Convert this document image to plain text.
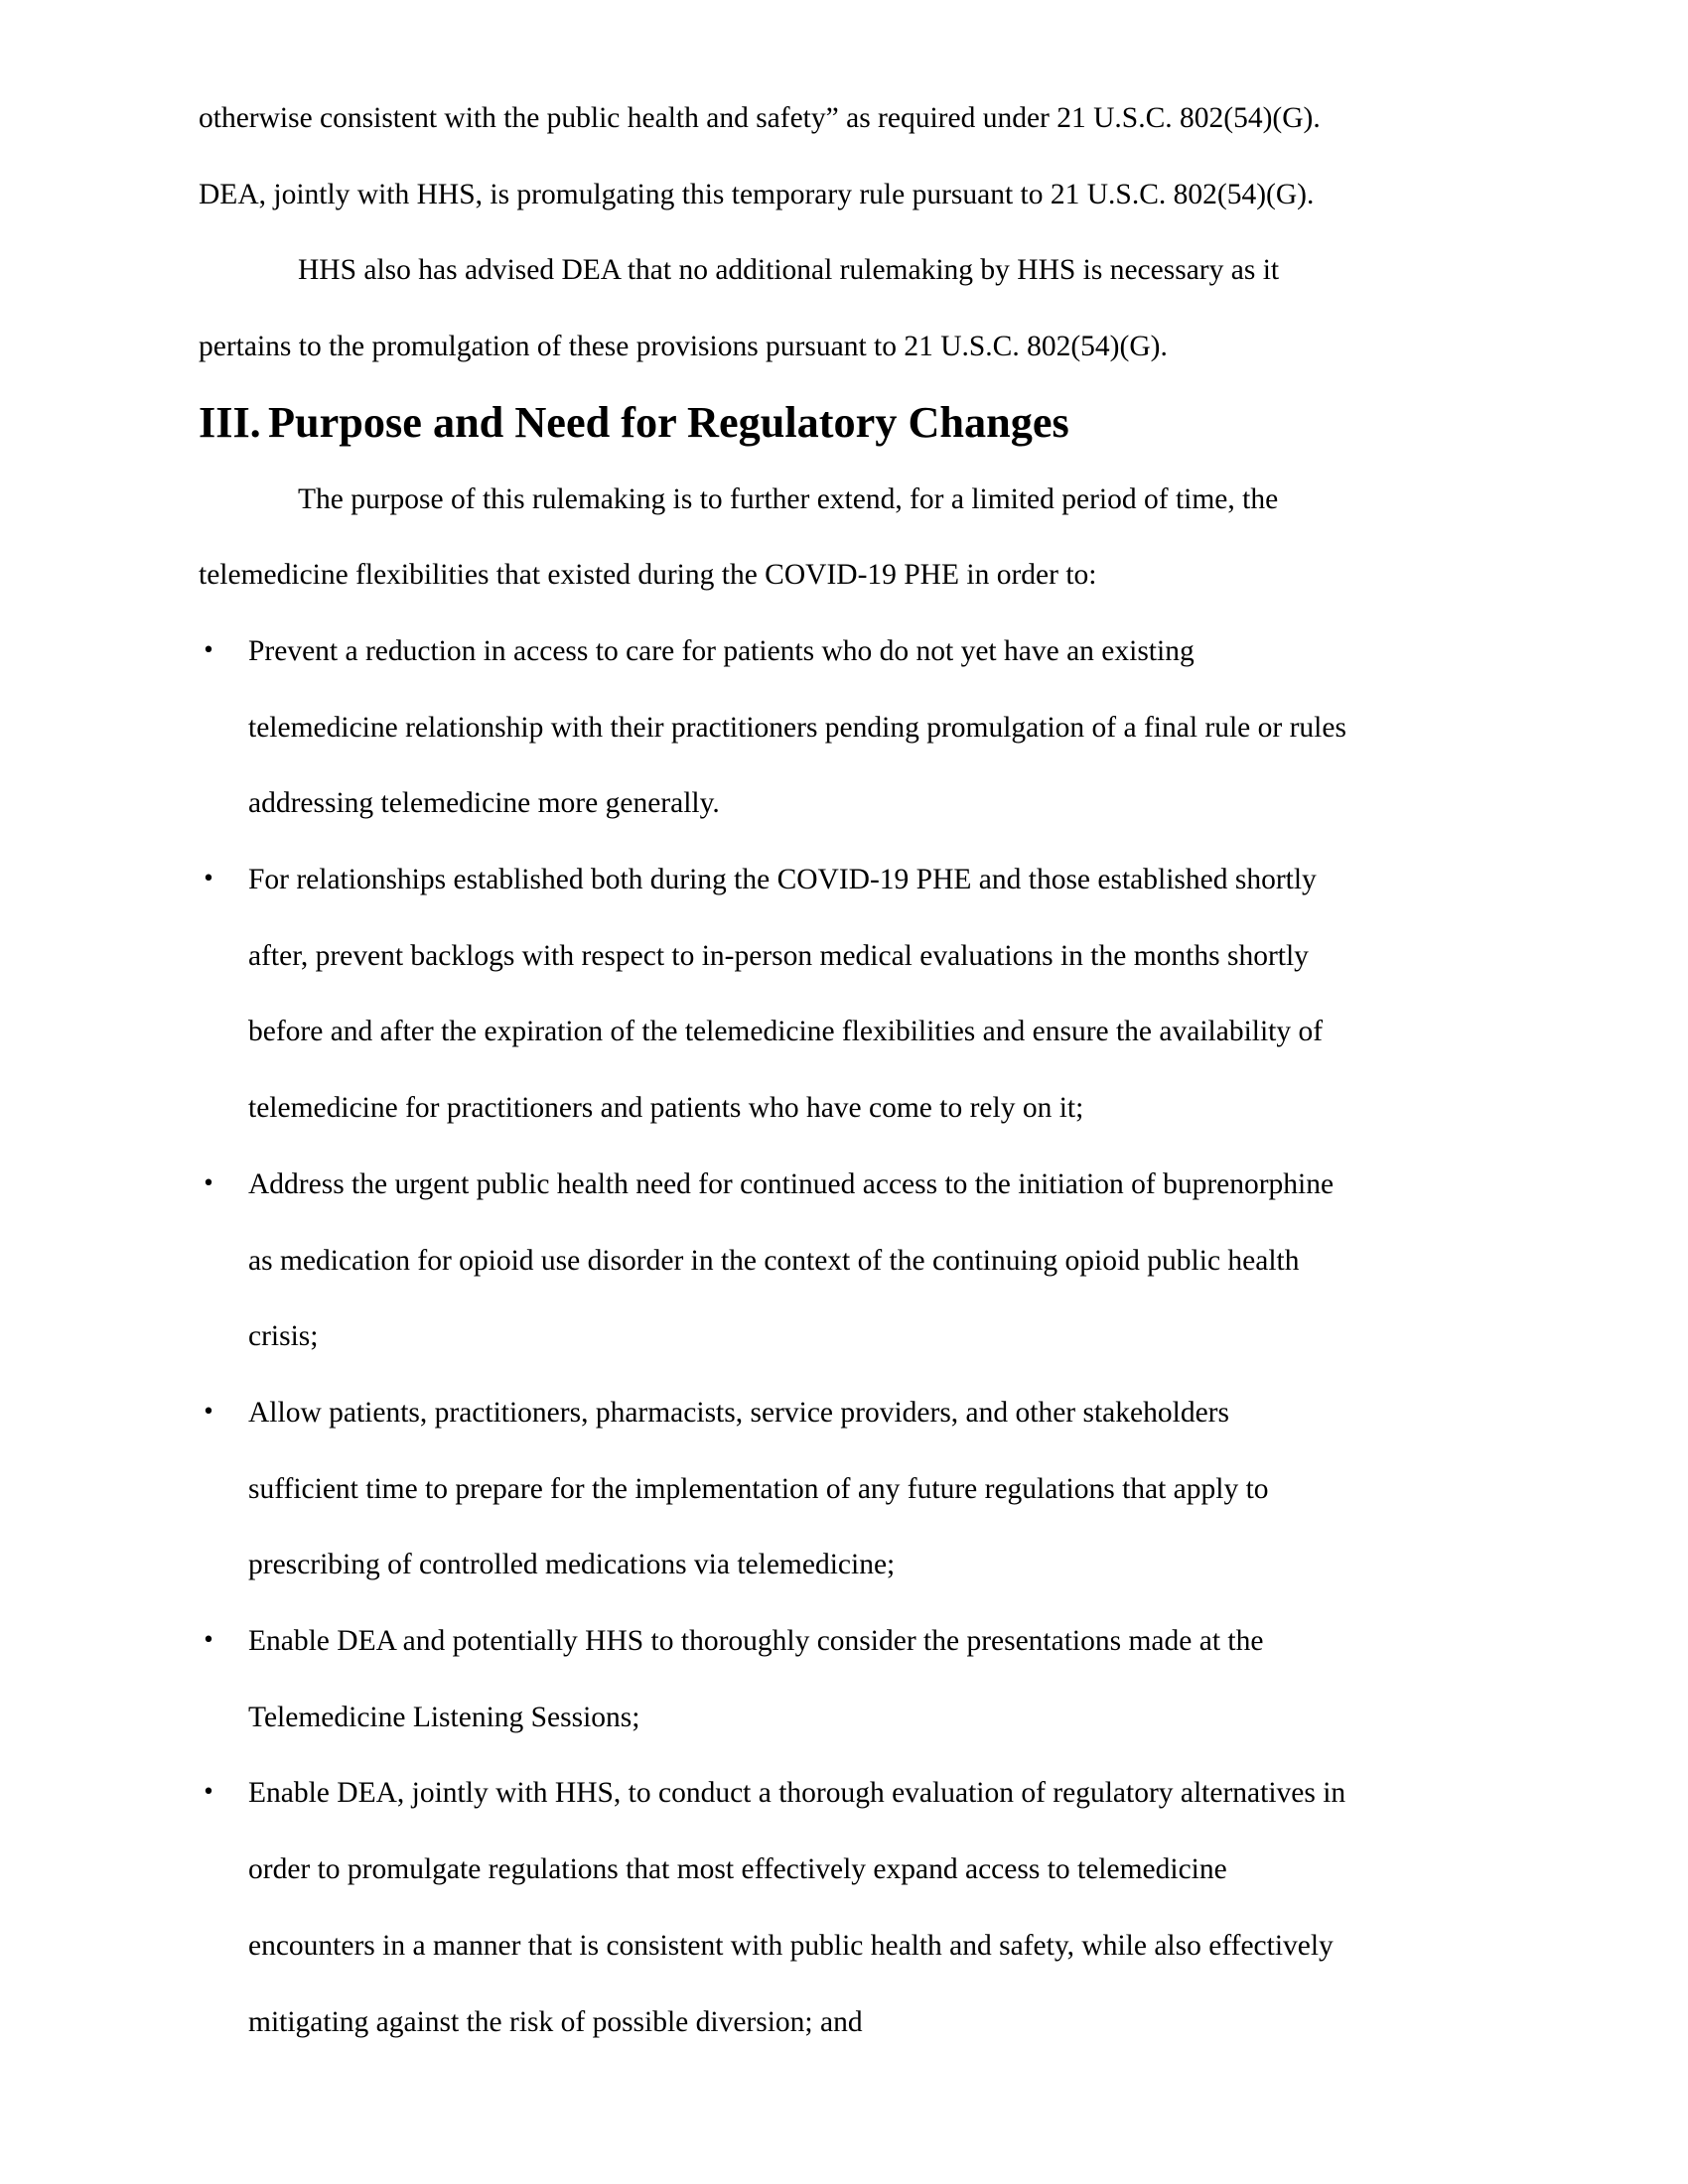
otherwise consistent with the public health and safety” as required under 21 U.S.C. 802(54)(G).
DEA, jointly with HHS, is promulgating this temporary rule pursuant to 21 U.S.C. 802(54)(G).

HHS also has advised DEA that no additional rulemaking by HHS is necessary as it
pertains to the promulgation of these provisions pursuant to 21 U.S.C. 802(54)(G).

III. Purpose and Need for Regulatory Changes

The purpose of this rulemaking is to further extend, for a limited period of time, the
telemedicine flexibilities that existed during the COVID-19 PHE in order to:

• Prevent a reduction in access to care for patients who do not yet have an existing
telemedicine relationship with their practitioners pending promulgation of a final rule or rules
addressing telemedicine more generally.
• For relationships established both during the COVID-19 PHE and those established shortly
after, prevent backlogs with respect to in-person medical evaluations in the months shortly
before and after the expiration of the telemedicine flexibilities and ensure the availability of
telemedicine for practitioners and patients who have come to rely on it;
• Address the urgent public health need for continued access to the initiation of buprenorphine
as medication for opioid use disorder in the context of the continuing opioid public health
crisis;
• Allow patients, practitioners, pharmacists, service providers, and other stakeholders
sufficient time to prepare for the implementation of any future regulations that apply to
prescribing of controlled medications via telemedicine;
• Enable DEA and potentially HHS to thoroughly consider the presentations made at the
Telemedicine Listening Sessions;
• Enable DEA, jointly with HHS, to conduct a thorough evaluation of regulatory alternatives in
order to promulgate regulations that most effectively expand access to telemedicine
encounters in a manner that is consistent with public health and safety, while also effectively
mitigating against the risk of possible diversion; and
